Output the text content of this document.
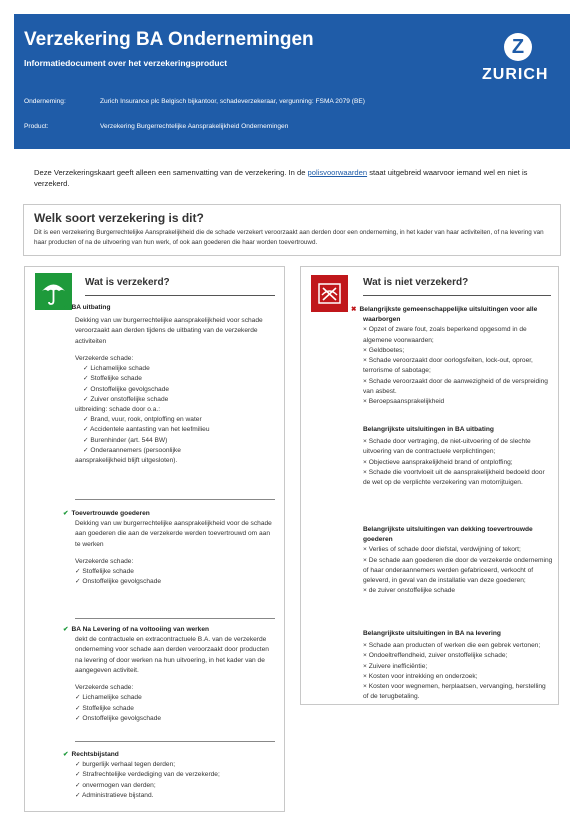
Verzekering BA Ondernemingen
Informatiedocument over het verzekeringsproduct
Z
ZURICH
Onderneming:	Zurich Insurance plc Belgisch bijkantoor, schadeverzekeraar, vergunning: FSMA 2079 (BE)
Product:	Verzekering Burgerrechtelijke Aansprakelijkheid Ondernemingen
Deze Verzekeringskaart geeft alleen een samenvatting van de verzekering. In de polisvoorwaarden staat uitgebreid waarvoor iemand wel en niet is verzekerd.
Welk soort verzekering is dit?
Dit is een verzekering Burgerrechtelijke Aansprakelijkheid die de schade verzekert veroorzaakt aan derden door een onderneming, in het kader van haar activiteiten, of na levering van haar producten of na de uitvoering van hun werk, of ook aan goederen die haar worden toevertrouwd.
Wat is verzekerd?
✔ BA uitbating
Dekking van uw burgerrechtelijke aansprakelijkheid voor schade veroorzaakt aan derden tijdens de uitbating van de verzekerde activiteiten
Verzekerde schade:
✓ Lichamelijke schade
✓ Stoffelijke schade
✓ Onstoffelijke gevolgschade
✓ Zuiver onstoffelijke schade
uitbreiding: schade door o.a.:
✓ Brand, vuur, rook, ontploffing en water
✓ Accidentele aantasting van het leefmilieu
✓ Burenhinder (art. 544 BW)
✓ Onderaannemers (persoonlijke
aansprakelijkheid blijft uitgesloten).
✔ Toevertrouwde goederen
Dekking van uw burgerrechtelijke aansprakelijkheid voor de schade aan goederen die aan de verzekerde werden toevertrouwd om aan te werken
Verzekerde schade:
✓ Stoffelijke schade
✓ Onstoffelijke gevolgschade
✔ BA Na Levering of na voltooiing van werken
dekt de contractuele en extracontractuele B.A. van de verzekerde onderneming voor schade aan derden veroorzaakt door producten na levering of door werken na hun uitvoering, in het kader van de aangegeven activiteit.
Verzekerde schade:
✓ Lichamelijke schade
✓ Stoffelijke schade
✓ Onstoffelijke gevolgschade
✔ Rechtsbijstand
✓ burgerlijk verhaal tegen derden;
✓ Strafrechtelijke verdediging van de verzekerde;
✓ onvermogen van derden;
✓ Administratieve bijstand.
Wat is niet verzekerd?
✖ Belangrijkste gemeenschappelijke uitsluitingen voor alle waarborgen
× Opzet of zware fout, zoals beperkend opgesomd in de algemene voorwaarden;
× Geldboetes;
× Schade veroorzaakt door oorlogsfeiten, lock-out, oproer, terrorisme of sabotage;
× Schade veroorzaakt door de aanwezigheid of de verspreiding van asbest.
× Beroepsaansprakelijkheid
Belangrijkste uitsluitingen in BA uitbating
× Schade door vertraging, de niet-uitvoering of de slechte uitvoering van de contractuele verplichtingen;
× Objectieve aansprakelijkheid brand of ontploffing;
× Schade die voortvloeit uit de aansprakelijkheid bedoeld door de wet op de verplichte verzekering van motorrijtuigen.
Belangrijkste uitsluitingen van dekking toevertrouwde goederen
× Verlies of schade door diefstal, verdwijning of tekort;
× De schade aan goederen die door de verzekerde onderneming of haar onderaannemers werden gefabriceerd, verkocht of geleverd, in geval van de installatie van deze goederen;
× de zuiver onstoffelijke schade
Belangrijkste uitsluitingen in BA na levering
× Schade aan producten of werken die een gebrek vertonen;
× Ondoeltreffendheid, zuiver onstoffelijke schade;
× Zuivere inefficiëntie;
× Kosten voor intrekking en onderzoek;
× Kosten voor wegnemen, herplaatsen, vervanging, herstelling of de terugbetaling.
